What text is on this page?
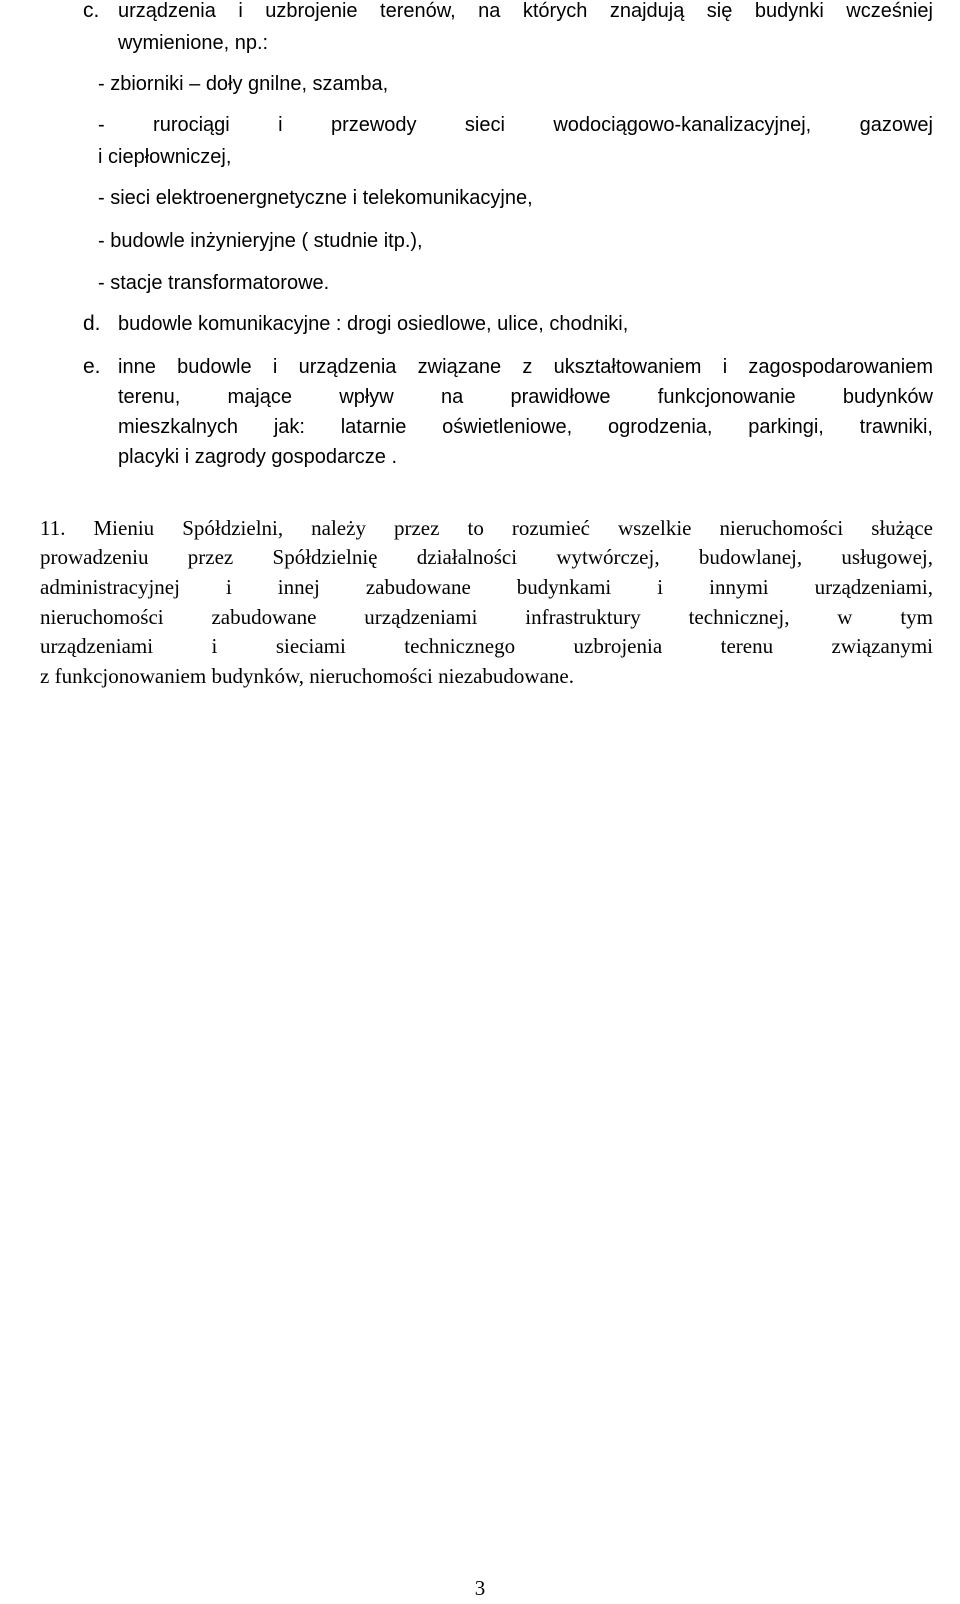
c. urządzenia i uzbrojenie terenów, na których znajdują się budynki wcześniej
wymienione, np.:
- zbiorniki – doły gnilne, szamba,
- rurociągi i przewody sieci wodociągowo-kanalizacyjnej, gazowej
i ciepłowniczej,
- sieci elektroenergnetyczne i telekomunikacyjne,
- budowle inżynieryjne ( studnie itp.),
- stacje transformatorowe.
d. budowle komunikacyjne : drogi osiedlowe, ulice, chodniki,
e. inne budowle i urządzenia związane z ukształtowaniem i zagospodarowaniem
terenu, mające wpływ na prawidłowe funkcjonowanie budynków
mieszkalnych jak: latarnie oświetleniowe, ogrodzenia, parkingi, trawniki,
placyki i zagrody gospodarcze .
11. Mieniu Spółdzielni, należy przez to rozumieć wszelkie nieruchomości służące
prowadzeniu przez Spółdzielnię działalności wytwórczej, budowlanej, usługowej,
administracyjnej i innej zabudowane budynkami i innymi urządzeniami,
nieruchomości zabudowane urządzeniami infrastruktury technicznej, w tym
urządzeniami i sieciami technicznego uzbrojenia terenu związanymi
z funkcjonowaniem budynków, nieruchomości niezabudowane.
3
